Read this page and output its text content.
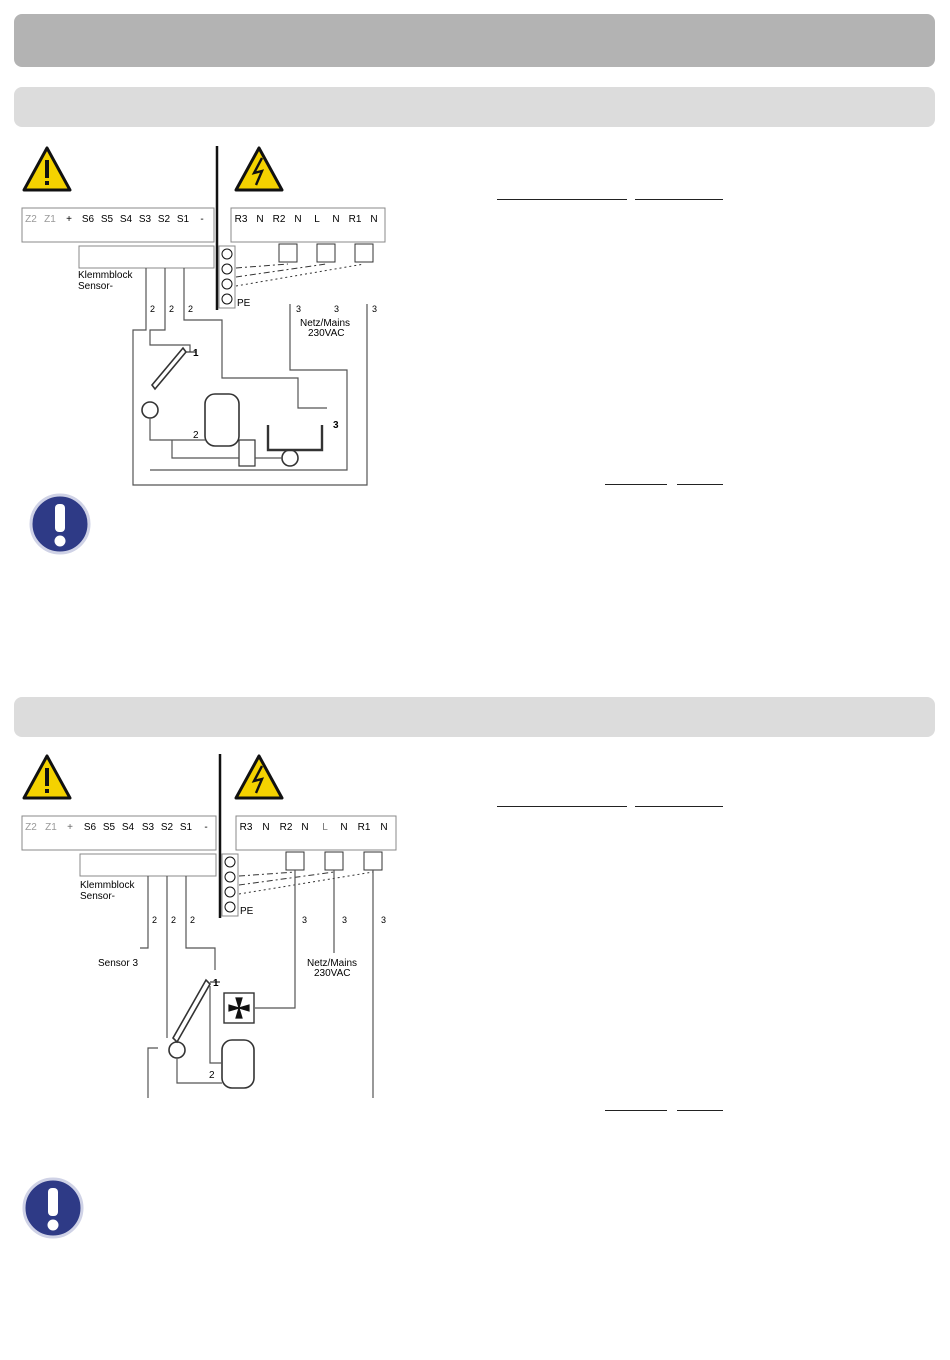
Z2 Z1 + S6 S5 S4 S3 S2 S1 -
Klemmblock
Sensor-
R3 N R2 N L N R1 N
PE
Netz/Mains
230VAC
3	3	3
1
2
3
2 2 2
Z2 Z1 + S6 S5 S4 S3 S2 S1 -
Klemmblock
Sensor-
R3 N R2 N L N R1 N
PE
Netz/Mains
230VAC
3	3	3
Sensor 3
1
2
2 2 2
